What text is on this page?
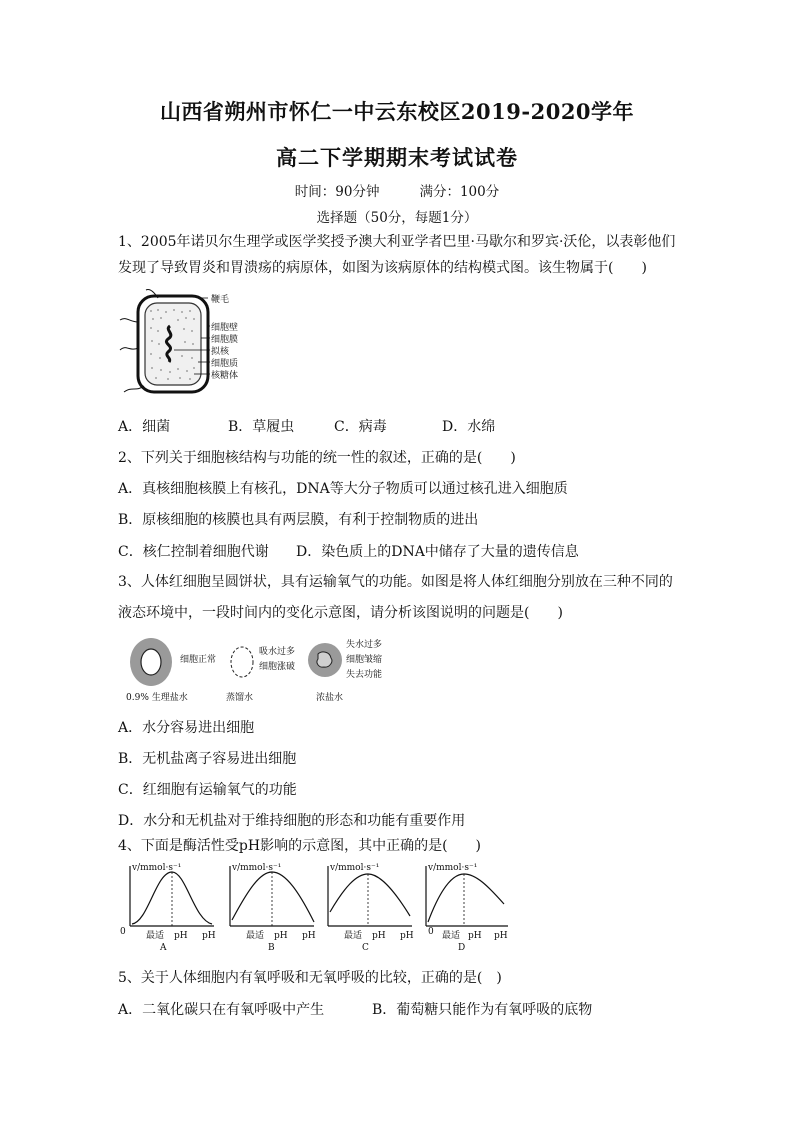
山西省朔州市怀仁一中云东校区2019-2020学年
高二下学期期末考试试卷
时间：90分钟	满分：100分
选择题（50分，每题1分）
1、2005年诺贝尔生理学或医学奖授予澳大利亚学者巴里·马歇尔和罗宾·沃伦，以表彰他们
发现了导致胃炎和胃溃疡的病原体，如图为该病原体的结构模式图。该生物属于(　　)
鞭毛
细胞壁
细胞膜
拟核
细胞质
核糖体
A．细菌	B．草履虫	C．病毒	D．水绵
2、下列关于细胞核结构与功能的统一性的叙述，正确的是(　　)
A．真核细胞核膜上有核孔，DNA等大分子物质可以通过核孔进入细胞质
B．原核细胞的核膜也具有两层膜，有利于控制物质的进出
C．核仁控制着细胞代谢 D．染色质上的DNA中储存了大量的遗传信息
3、人体红细胞呈圆饼状，具有运输氧气的功能。如图是将人体红细胞分别放在三种不同的
液态环境中，一段时间内的变化示意图，请分析该图说明的问题是(　　)
细胞正常
吸水过多
细胞涨破
失水过多
细胞皱缩
失去功能
0.9% 生理盐水	蒸馏水	浓盐水
A．水分容易进出细胞
B．无机盐离子容易进出细胞
C．红细胞有运输氧气的功能
D．水分和无机盐对于维持细胞的形态和功能有重要作用
4、下面是酶活性受pH影响的示意图，其中正确的是(　　)
v/mmol·s⁻¹
0 最适 pH pH
A
v/mmol·s⁻¹
最适 pH pH
B
v/mmol·s⁻¹
最适 pH pH
C
v/mmol·s⁻¹
0 最适 pH pH
D
5、关于人体细胞内有氧呼吸和无氧呼吸的比较，正确的是(　)
A．二氧化碳只在有氧呼吸中产生	B．葡萄糖只能作为有氧呼吸的底物
